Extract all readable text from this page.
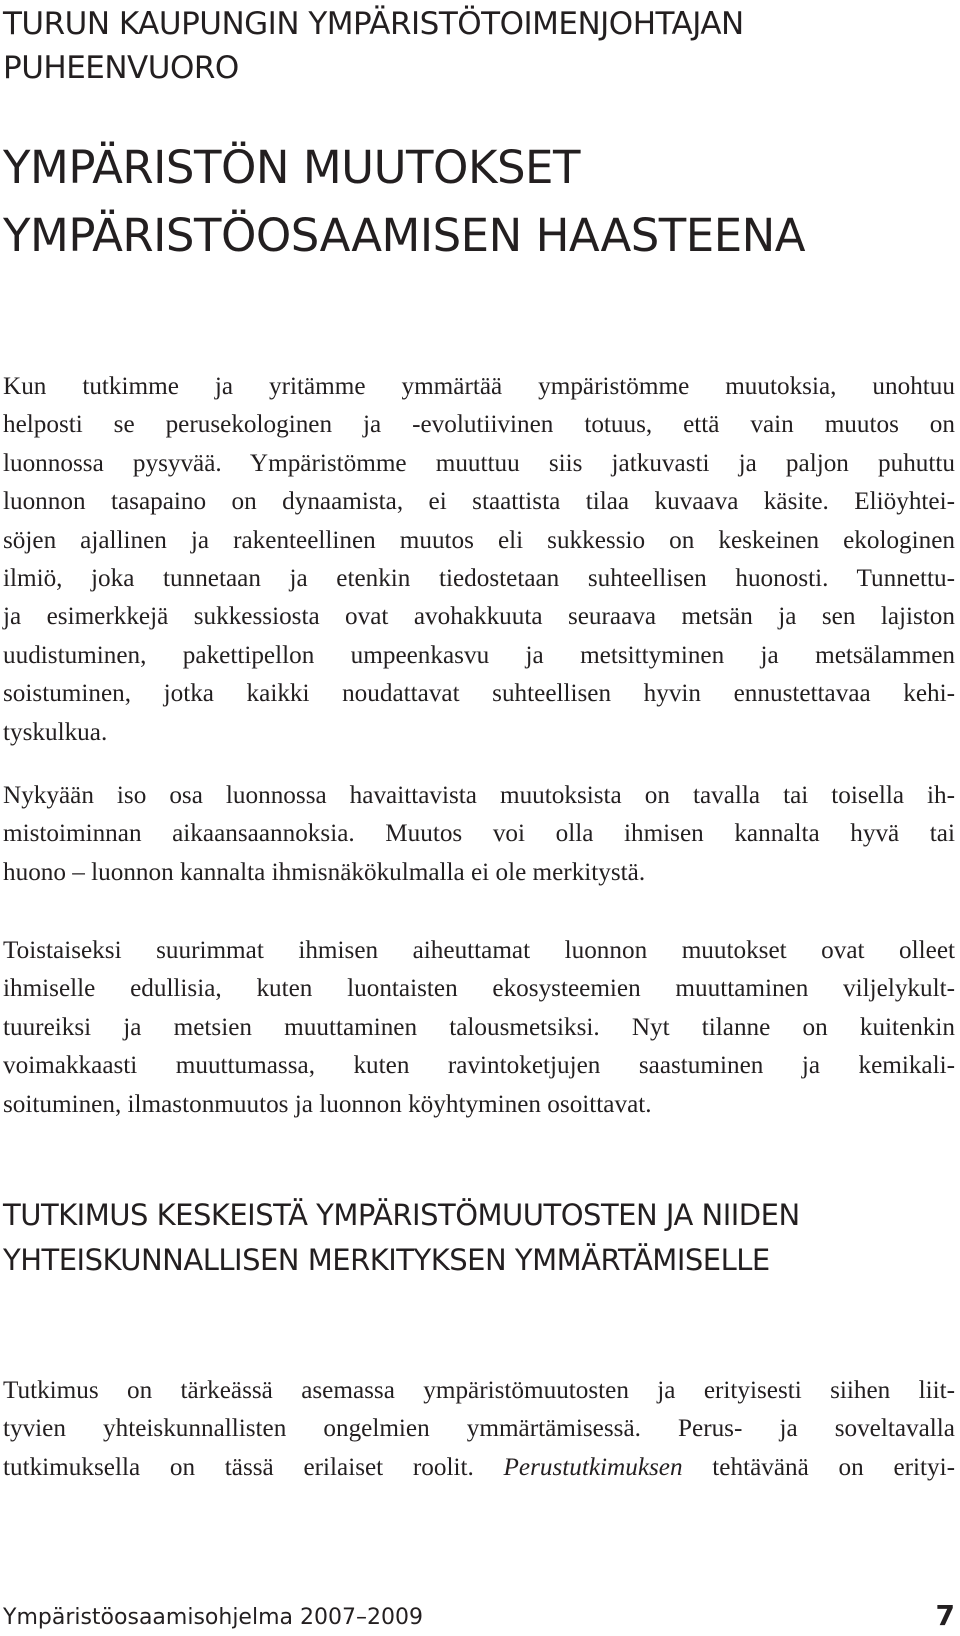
TURUN KAUPUNGIN YMPÄRISTÖTOIMENJOHTAJAN
PUHEENVUORO
YMPÄRISTÖN MUUTOKSET
YMPÄRISTÖOSAAMISEN HAASTEENA

Kun tutkimme ja yritämme ymmärtää ympäristömme muutoksia, unohtuu
helposti se perusekologinen ja -evolutiivinen totuus, että vain muutos on
luonnossa pysyvää. Ympäristömme muuttuu siis jatkuvasti ja paljon puhuttu
luonnon tasapaino on dynaamista, ei staattista tilaa kuvaava käsite. Eliöyhtei-
söjen ajallinen ja rakenteellinen muutos eli sukkessio on keskeinen ekologinen
ilmiö, joka tunnetaan ja etenkin tiedostetaan suhteellisen huonosti. Tunnettu-
ja esimerkkejä sukkessiosta ovat avohakkuuta seuraava metsän ja sen lajiston
uudistuminen, pakettipellon umpeenkasvu ja metsittyminen ja metsälammen
soistuminen, jotka kaikki noudattavat suhteellisen hyvin ennustettavaa kehi-
tyskulkua.

Nykyään iso osa luonnossa havaittavista muutoksista on tavalla tai toisella ih-
mistoiminnan aikaansaannoksia. Muutos voi olla ihmisen kannalta hyvä tai
huono – luonnon kannalta ihmisnäkökulmalla ei ole merkitystä.

Toistaiseksi suurimmat ihmisen aiheuttamat luonnon muutokset ovat olleet
ihmiselle edullisia, kuten luontaisten ekosysteemien muuttaminen viljelykult-
tuureiksi ja metsien muuttaminen talousmetsiksi. Nyt tilanne on kuitenkin
voimakkaasti muuttumassa, kuten ravintoketjujen saastuminen ja kemikali-
soituminen, ilmastonmuutos ja luonnon köyhtyminen osoittavat.

TUTKIMUS KESKEISTÄ YMPÄRISTÖMUUTOSTEN JA NIIDEN
YHTEISKUNNALLISEN MERKITYKSEN YMMÄRTÄMISELLE

Tutkimus on tärkeässä asemassa ympäristömuutosten ja erityisesti siihen liit-
tyvien yhteiskunnallisten ongelmien ymmärtämisessä. Perus- ja soveltavalla
tutkimuksella on tässä erilaiset roolit. Perustutkimuksen tehtävänä on erityi-

Ympäristöosaamisohjelma 2007–2009	7
